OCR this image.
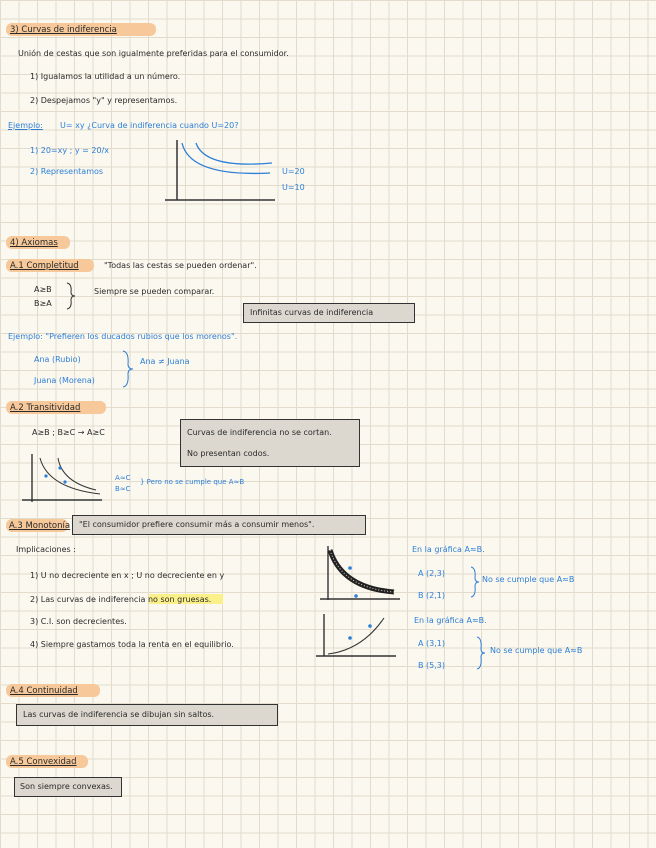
3) Curvas de indiferencia
Unión de cestas que son igualmente preferidas para el consumidor.
1) Igualamos la utilidad a un número.
2) Despejamos "y" y representamos.
Ejemplo: U= xy ¿Curva de indiferencia cuando U=20?
1) 20=xy ; y = 20/x
2) Representamos	U=20
U=10
4) Axiomas
A.1 Completitud	"Todas las cestas se pueden ordenar".
A≥B
B≥A
Siempre se pueden comparar.
Infinitas curvas de indiferencia
Ejemplo: "Prefieren los ducados rubios que los morenos".
Ana (Rubio)
Juana (Morena)
Ana ≠ Juana
A.2 Transitividad
A≥B ; B≥C → A≥C	Curvas de indiferencia no se cortan.
No presentan codos.
A≈C
B≈C
} Pero no se cumple que A≈B
A.3 Monotonía "El consumidor prefiere consumir más a consumir menos".
Implicaciones :
1) U no decreciente en x ; U no decreciente en y
2) Las curvas de indiferencia no son gruesas.
3) C.I. son decrecientes.
4) Siempre gastamos toda la renta en el equilibrio.
En la gráfica A≈B.
A (2,3)
B (2,1)
No se cumple que A≈B
En la gráfica A≈B.
A (3,1)
B (5,3)
No se cumple que A≈B
A.4 Continuidad
Las curvas de indiferencia se dibujan sin saltos.
A.5 Convexidad
Son siempre convexas.
